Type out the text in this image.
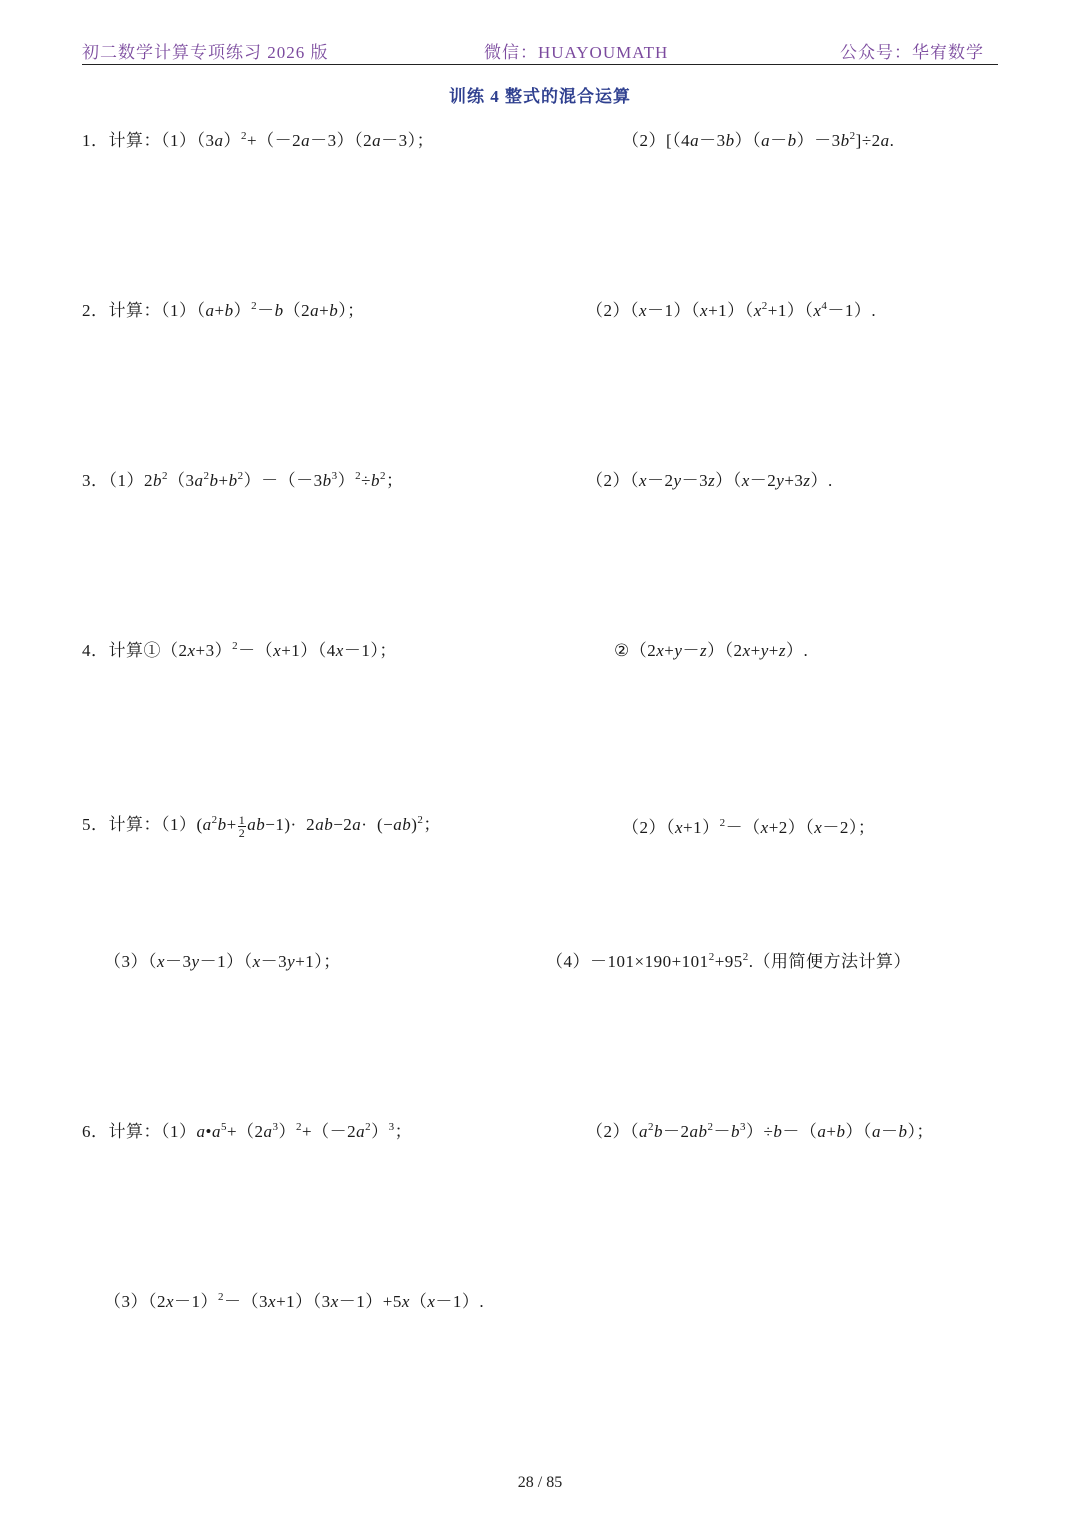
初二数学计算专项练习 2026 版	微信：HUAYOUMATH	公众号：华宥数学
训练 4 整式的混合运算
1．计算：$(1)(3a)^2+(-2a-3)(2a-3)$；	$(2)[(4a-3b)(a-b)-3b^2]\div 2a$.
2．计算：$(1)(a+b)^2-b(2a+b)$；	$(2)(x-1)(x+1)(x^2+1)(x^4-1)$.
3．$(1)2b^2(3a^2b+b^2)-(-3b^3)^2\div b^2$；	（2）（x－2y－3z）（x－2y+3z）.
4．计算$①(2x+3)^2-(x+1)(4x-1)$；	②（2x+y－z）（2x+y+z）.
5．计算：$(1)(a^2b+ \frac{1}{2} ab-1)\cdot 2ab-2a\cdot (-ab)^2$；	$(2)(x+1)^2-(x+2)(x-2)$；
（3）（x－3y－1）（x－3y+1）；	$(4)-101\times 190+101^2+95^2$.（用简便方法计算）
6．计算：$(1)a•a^5+(2a^3)^2+(-2a^2)^3$；	$(2)(a^2b-2ab^2-b^3)\div b-(a+b)(a-b)$；
$(3)(2x-1)^2-(3x+1)(3x-1)+5x(x-1)$.
28 / 85
